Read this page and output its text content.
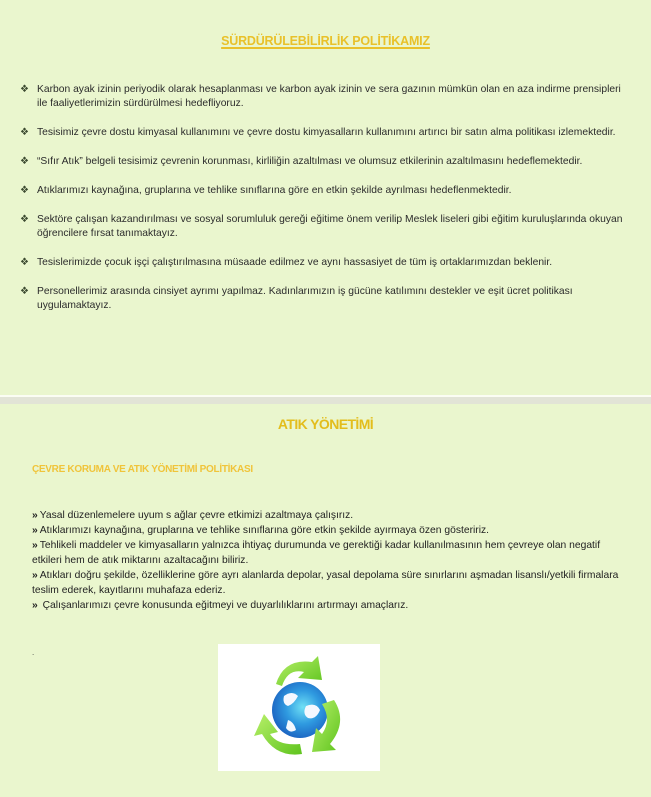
SÜRDÜRÜLEBİLİRLİK POLİTİKAMIZ
❖ Karbon ayak izinin periyodik olarak hesaplanması ve karbon ayak izinin ve sera gazının mümkün olan en aza indirme prensipleri ile faaliyetlerimizin sürdürülmesi hedefliyoruz.
❖ Tesisimiz çevre dostu kimyasal kullanımını ve çevre dostu kimyasalların kullanımını artırıcı bir satın alma politikası izlemektedir.
❖ “Sıfır Atık” belgeli tesisimiz çevrenin korunması, kirliliğin azaltılması ve olumsuz etkilerinin azaltılmasını hedeflemektedir.
❖ Atıklarımızı kaynağına, gruplarına ve tehlike sınıflarına göre en etkin şekilde ayrılması hedeflenmektedir.
❖ Sektöre çalışan kazandırılması ve sosyal sorumluluk gereği eğitime önem verilip Meslek liseleri gibi eğitim kuruluşlarında okuyan öğrencilere fırsat tanımaktayız.
❖ Tesislerimizde çocuk işçi çalıştırılmasına müsaade edilmez ve aynı hassasiyet de tüm iş ortaklarımızdan beklenir.
❖ Personellerimiz arasında cinsiyet ayrımı yapılmaz. Kadınlarımızın iş gücüne katılımını destekler ve eşit ücret politikası uygulamaktayız.
ATIK YÖNETİMİ
ÇEVRE KORUMA VE ATIK YÖNETİMİ POLİTİKASI
» Yasal düzenlemelere uyum s ağlar çevre etkimizi azaltmaya çalışırız.
» Atıklarımızı kaynağına, gruplarına ve tehlike sınıflarına göre etkin şekilde ayırmaya özen gösteririz.
» Tehlikeli maddeler ve kimyasalların yalnızca ihtiyaç durumunda ve gerektiği kadar kullanılmasının hem çevreye olan negatif etkileri hem de atık miktarını azaltacağını biliriz.
» Atıkları doğru şekilde, özelliklerine göre ayrı alanlarda depolar, yasal depolama süre sınırlarını aşmadan lisanslı/yetkili firmalara teslim ederek, kayıtlarını muhafaza ederiz.
» Çalışanlarımızı çevre konusunda eğitmeyi ve duyarlılıklarını artırmayı amaçlarız.
.
